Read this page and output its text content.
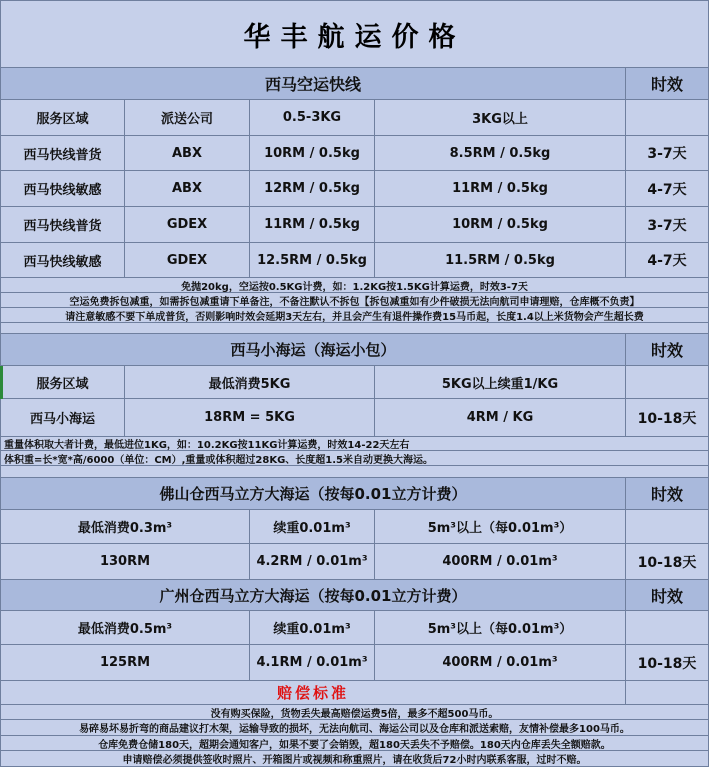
华丰航运价格
西马空运快线	时效
服务区域	派送公司	0.5-3KG	3KG以上
西马快线普货	ABX	10RM / 0.5kg	8.5RM / 0.5kg	3-7天
西马快线敏感	ABX	12RM / 0.5kg	11RM / 0.5kg	4-7天
西马快线普货	GDEX	11RM / 0.5kg	10RM / 0.5kg	3-7天
西马快线敏感	GDEX	12.5RM / 0.5kg	11.5RM / 0.5kg	4-7天
免抛20kg，空运按0.5KG计费，如：1.2KG按1.5KG计算运费，时效3-7天
空运免费拆包减重，如需拆包减重请下单备注，不备注默认不拆包【拆包减重如有少件破损无法向航司申请理赔，仓库概不负责】
请注意敏感不要下单成普货，否则影响时效会延期3天左右，并且会产生有退件操作费15马币起，长度1.4以上米货物会产生超长费
西马小海运（海运小包）	时效
服务区域	最低消费5KG	5KG以上续重1/KG
西马小海运	18RM = 5KG	4RM / KG	10-18天
重量体积取大者计费，最低进位1KG，如：10.2KG按11KG计算运费，时效14-22天左右
体积重=长*宽*高/6000（单位：CM）,重量或体积超过28KG、长度超1.5米自动更换大海运。
佛山仓西马立方大海运（按每0.01立方计费）	时效
最低消费0.3m³	续重0.01m³	5m³以上（每0.01m³）
130RM	4.2RM / 0.01m³	400RM / 0.01m³	10-18天
广州仓西马立方大海运（按每0.01立方计费）	时效
最低消费0.5m³	续重0.01m³	5m³以上（每0.01m³）
125RM	4.1RM / 0.01m³	400RM / 0.01m³	10-18天
赔偿标准
没有购买保险，货物丢失最高赔偿运费5倍，最多不超500马币。
易碎易坏易折弯的商品建议打木架，运输导致的损坏，无法向航司、海运公司以及仓库和派送索赔，友情补偿最多100马币。
仓库免费仓储180天，超期会通知客户，如果不要了会销毁，超180天丢失不予赔偿。180天内仓库丢失全额赔款。
申请赔偿必须提供签收时照片、开箱图片或视频和称重照片，请在收货后72小时内联系客服，过时不赔。
